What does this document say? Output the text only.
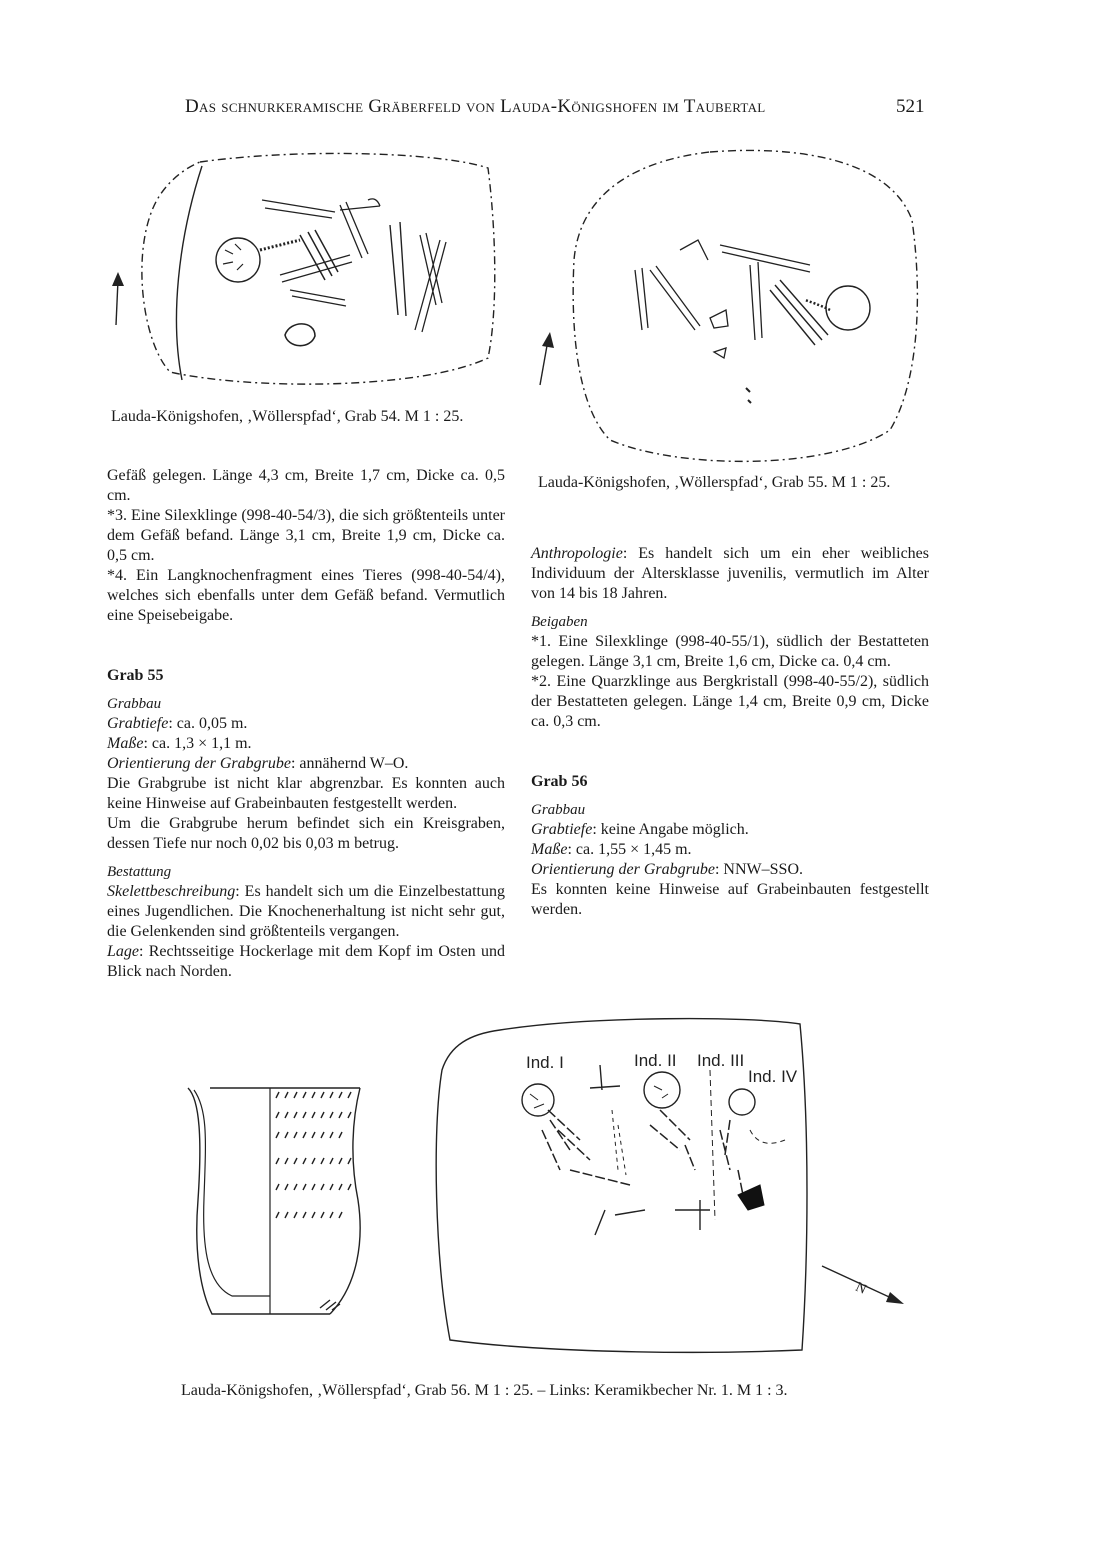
Das schnurkeramische Gräberfeld von Lauda-Königshofen im Taubertal	521
Lauda-Königshofen, ‚Wöllerspfad‘, Grab 54. M 1 : 25.
Lauda-Königshofen, ‚Wöllerspfad‘, Grab 55. M 1 : 25.

Gefäß gelegen. Länge 4,3 cm, Breite 1,7 cm, Dicke ca. 0,5 cm.

*3. Eine Silexklinge (998-40-54/3), die sich größtenteils unter dem Gefäß befand. Länge 3,1 cm, Breite 1,9 cm, Dicke ca. 0,5 cm.

*4. Ein Langknochenfragment eines Tieres (998-40-54/4), welches sich ebenfalls unter dem Gefäß befand. Vermutlich eine Speisebeigabe.

Grab 55

Grabbau

Grabtiefe: ca. 0,05 m.

Maße: ca. 1,3 × 1,1 m.

Orientierung der Grabgrube: annähernd W–O.

Die Grabgrube ist nicht klar abgrenzbar. Es konnten auch keine Hinweise auf Grabeinbauten festgestellt werden.

Um die Grabgrube herum befindet sich ein Kreisgraben, dessen Tiefe nur noch 0,02 bis 0,03 m betrug.

Bestattung

Skelettbeschreibung: Es handelt sich um die Einzelbestattung eines Jugendlichen. Die Knochenerhaltung ist nicht sehr gut, die Gelenkenden sind größtenteils vergangen.

Lage: Rechtsseitige Hockerlage mit dem Kopf im Osten und Blick nach Norden.

Anthropologie: Es handelt sich um ein eher weibliches Individuum der Altersklasse juvenilis, vermutlich im Alter von 14 bis 18 Jahren.

Beigaben

*1. Eine Silexklinge (998-40-55/1), südlich der Bestatteten gelegen. Länge 3,1 cm, Breite 1,6 cm, Dicke ca. 0,4 cm.

*2. Eine Quarzklinge aus Bergkristall (998-40-55/2), südlich der Bestatteten gelegen. Länge 1,4 cm, Breite 0,9 cm, Dicke ca. 0,3 cm.

Grab 56

Grabbau

Grabtiefe: keine Angabe möglich.

Maße: ca. 1,55 × 1,45 m.

Orientierung der Grabgrube: NNW–SSO.

Es konnten keine Hinweise auf Grabeinbauten festgestellt werden.

Ind. I	Ind. II Ind. III
Ind. IV
N
Lauda-Königshofen, ‚Wöllerspfad‘, Grab 56. M 1 : 25. – Links: Keramikbecher Nr. 1. M 1 : 3.
